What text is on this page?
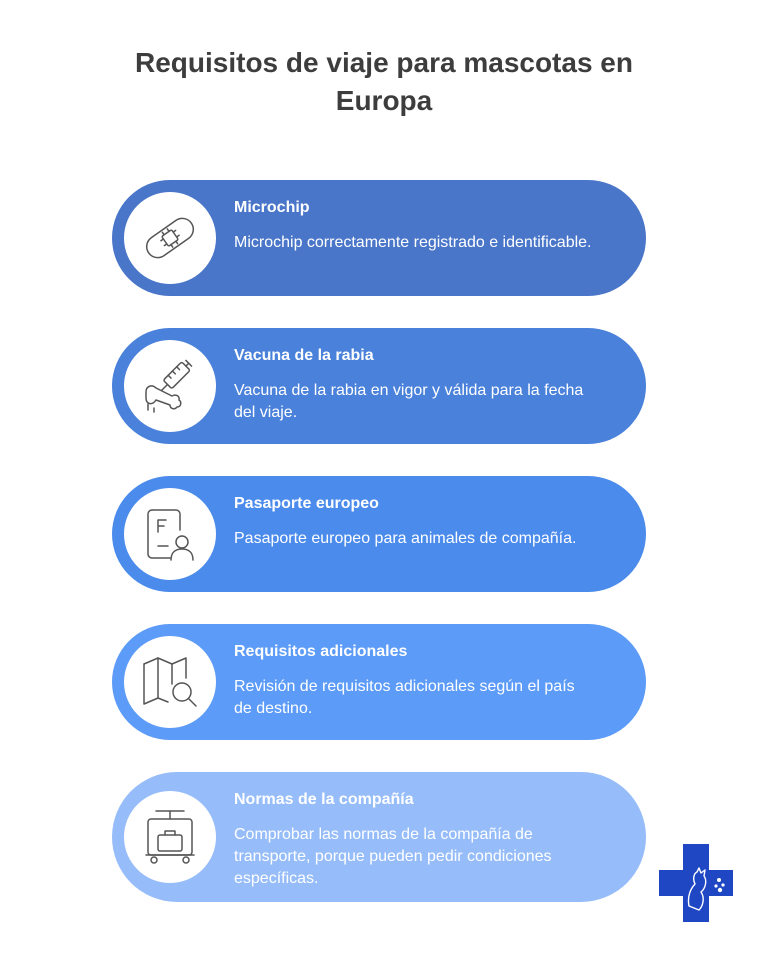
Requisitos de viaje para mascotas en Europa
Microchip
Microchip correctamente registrado e identificable.
Vacuna de la rabia
Vacuna de la rabia en vigor y válida para la fecha del viaje.
Pasaporte europeo
Pasaporte europeo para animales de compañía.
Requisitos adicionales
Revisión de requisitos adicionales según el país de destino.
Normas de la compañía
Comprobar las normas de la compañía de transporte, porque pueden pedir condiciones específicas.
